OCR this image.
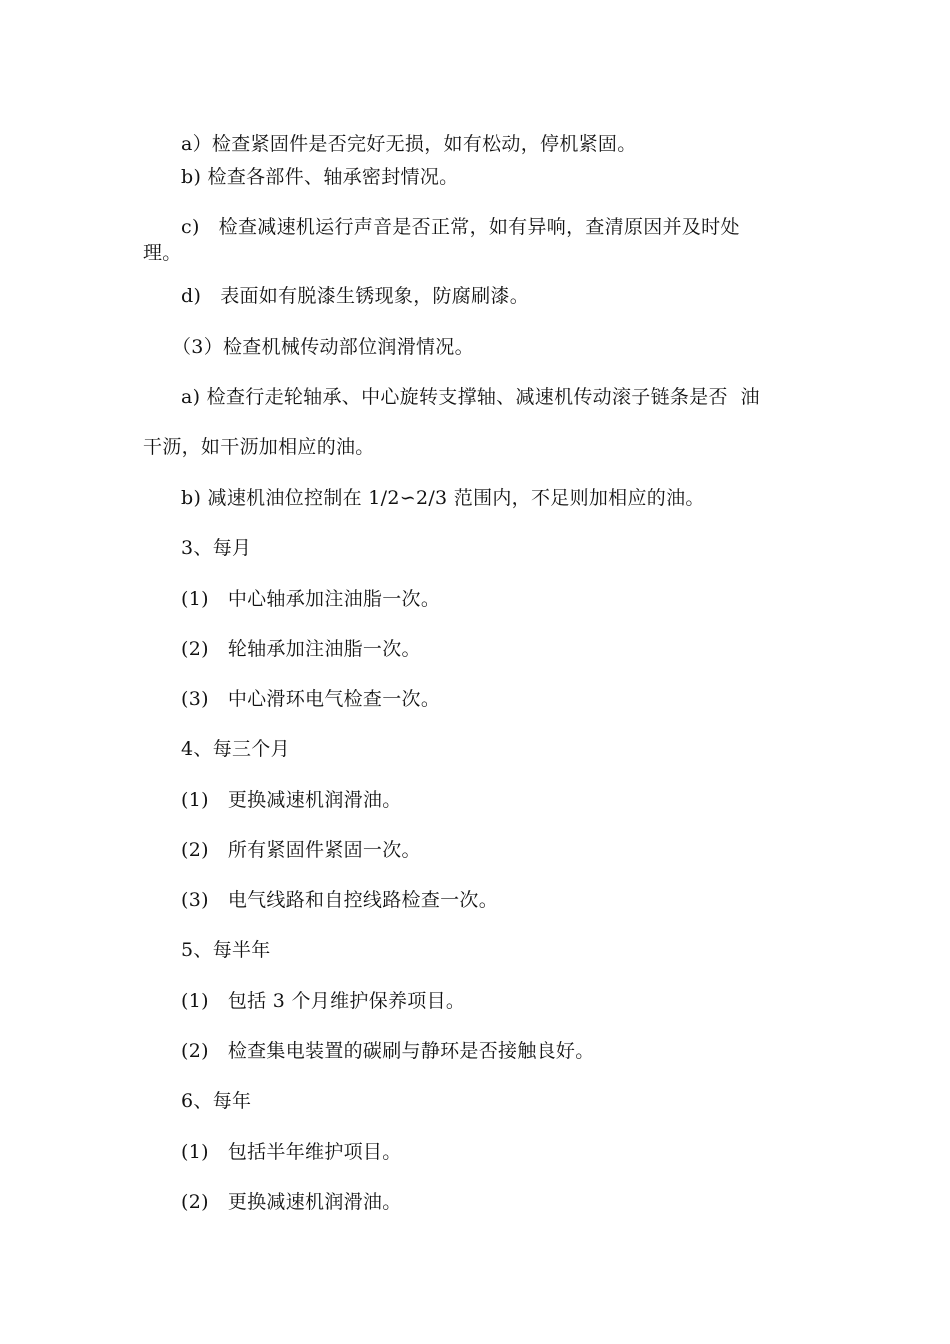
a）检查紧固件是否完好无损，如有松动，停机紧固。
b) 检查各部件、轴承密封情况。
c)   检查减速机运行声音是否正常，如有异响，查清原因并及时处
理。
d)   表面如有脱漆生锈现象，防腐刷漆。
（3）检查机械传动部位润滑情况。
a) 检查行走轮轴承、中心旋转支撑轴、减速机传动滚子链条是否  油
干沥，如干沥加相应的油。
b) 减速机油位控制在 1/2∽2/3 范围内，不足则加相应的油。
3、每月
(1)   中心轴承加注油脂一次。
(2)   轮轴承加注油脂一次。
(3)   中心滑环电气检查一次。
4、每三个月
(1)   更换减速机润滑油。
(2)   所有紧固件紧固一次。
(3)   电气线路和自控线路检查一次。
5、每半年
(1)   包括 3 个月维护保养项目。
(2)   检查集电装置的碳刷与静环是否接触良好。
6、每年
(1)   包括半年维护项目。
(2)   更换减速机润滑油。
